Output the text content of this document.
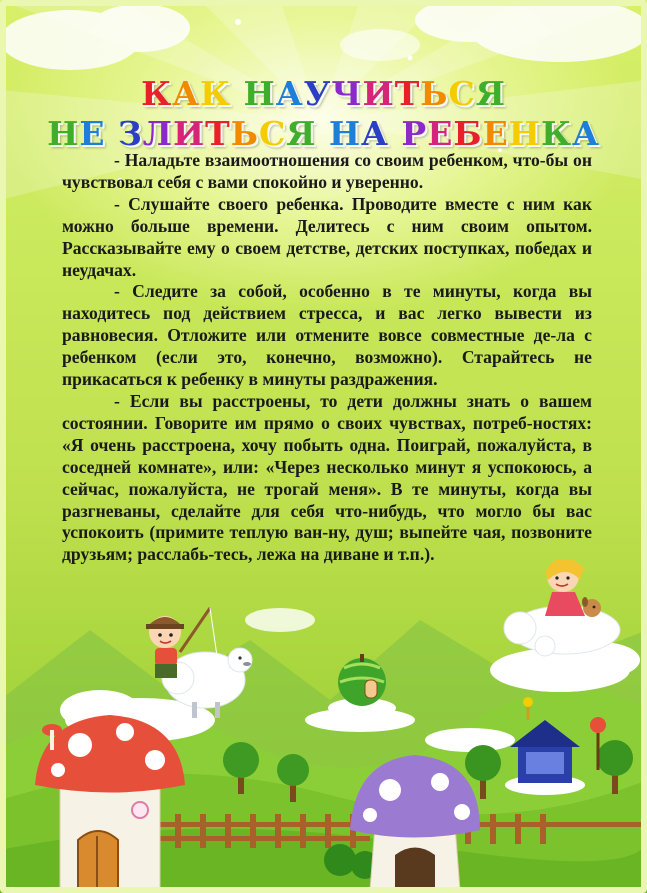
КАК НАУЧИТЬСЯ
НЕ ЗЛИТЬСЯ НА РЕБЕНКА

- Наладьте взаимоотношения со своим ребенком, что-бы он чувствовал себя с вами спокойно и уверенно.

- Слушайте своего ребенка. Проводите вместе с ним как можно больше времени. Делитесь с ним своим опытом. Рассказывайте ему о своем детстве, детских поступках, победах и неудачах.

- Следите за собой, особенно в те минуты, когда вы находитесь под действием стресса, и вас легко вывести из равновесия. Отложите или отмените вовсе совместные де-ла с ребенком (если это, конечно, возможно). Старайтесь не прикасаться к ребенку в минуты раздражения.

- Если вы расстроены, то дети должны знать о вашем состоянии. Говорите им прямо о своих чувствах, потреб-ностях: «Я очень расстроена, хочу побыть одна. Поиграй, пожалуйста, в соседней комнате», или: «Через несколько минут я успокоюсь, а сейчас, пожалуйста, не трогай меня». В те минуты, когда вы разгневаны, сделайте для себя что-нибудь, что могло бы вас успокоить (примите теплую ван-ну, душ; выпейте чая, позвоните друзьям; расслабь-тесь, лежа на диване и т.п.).
